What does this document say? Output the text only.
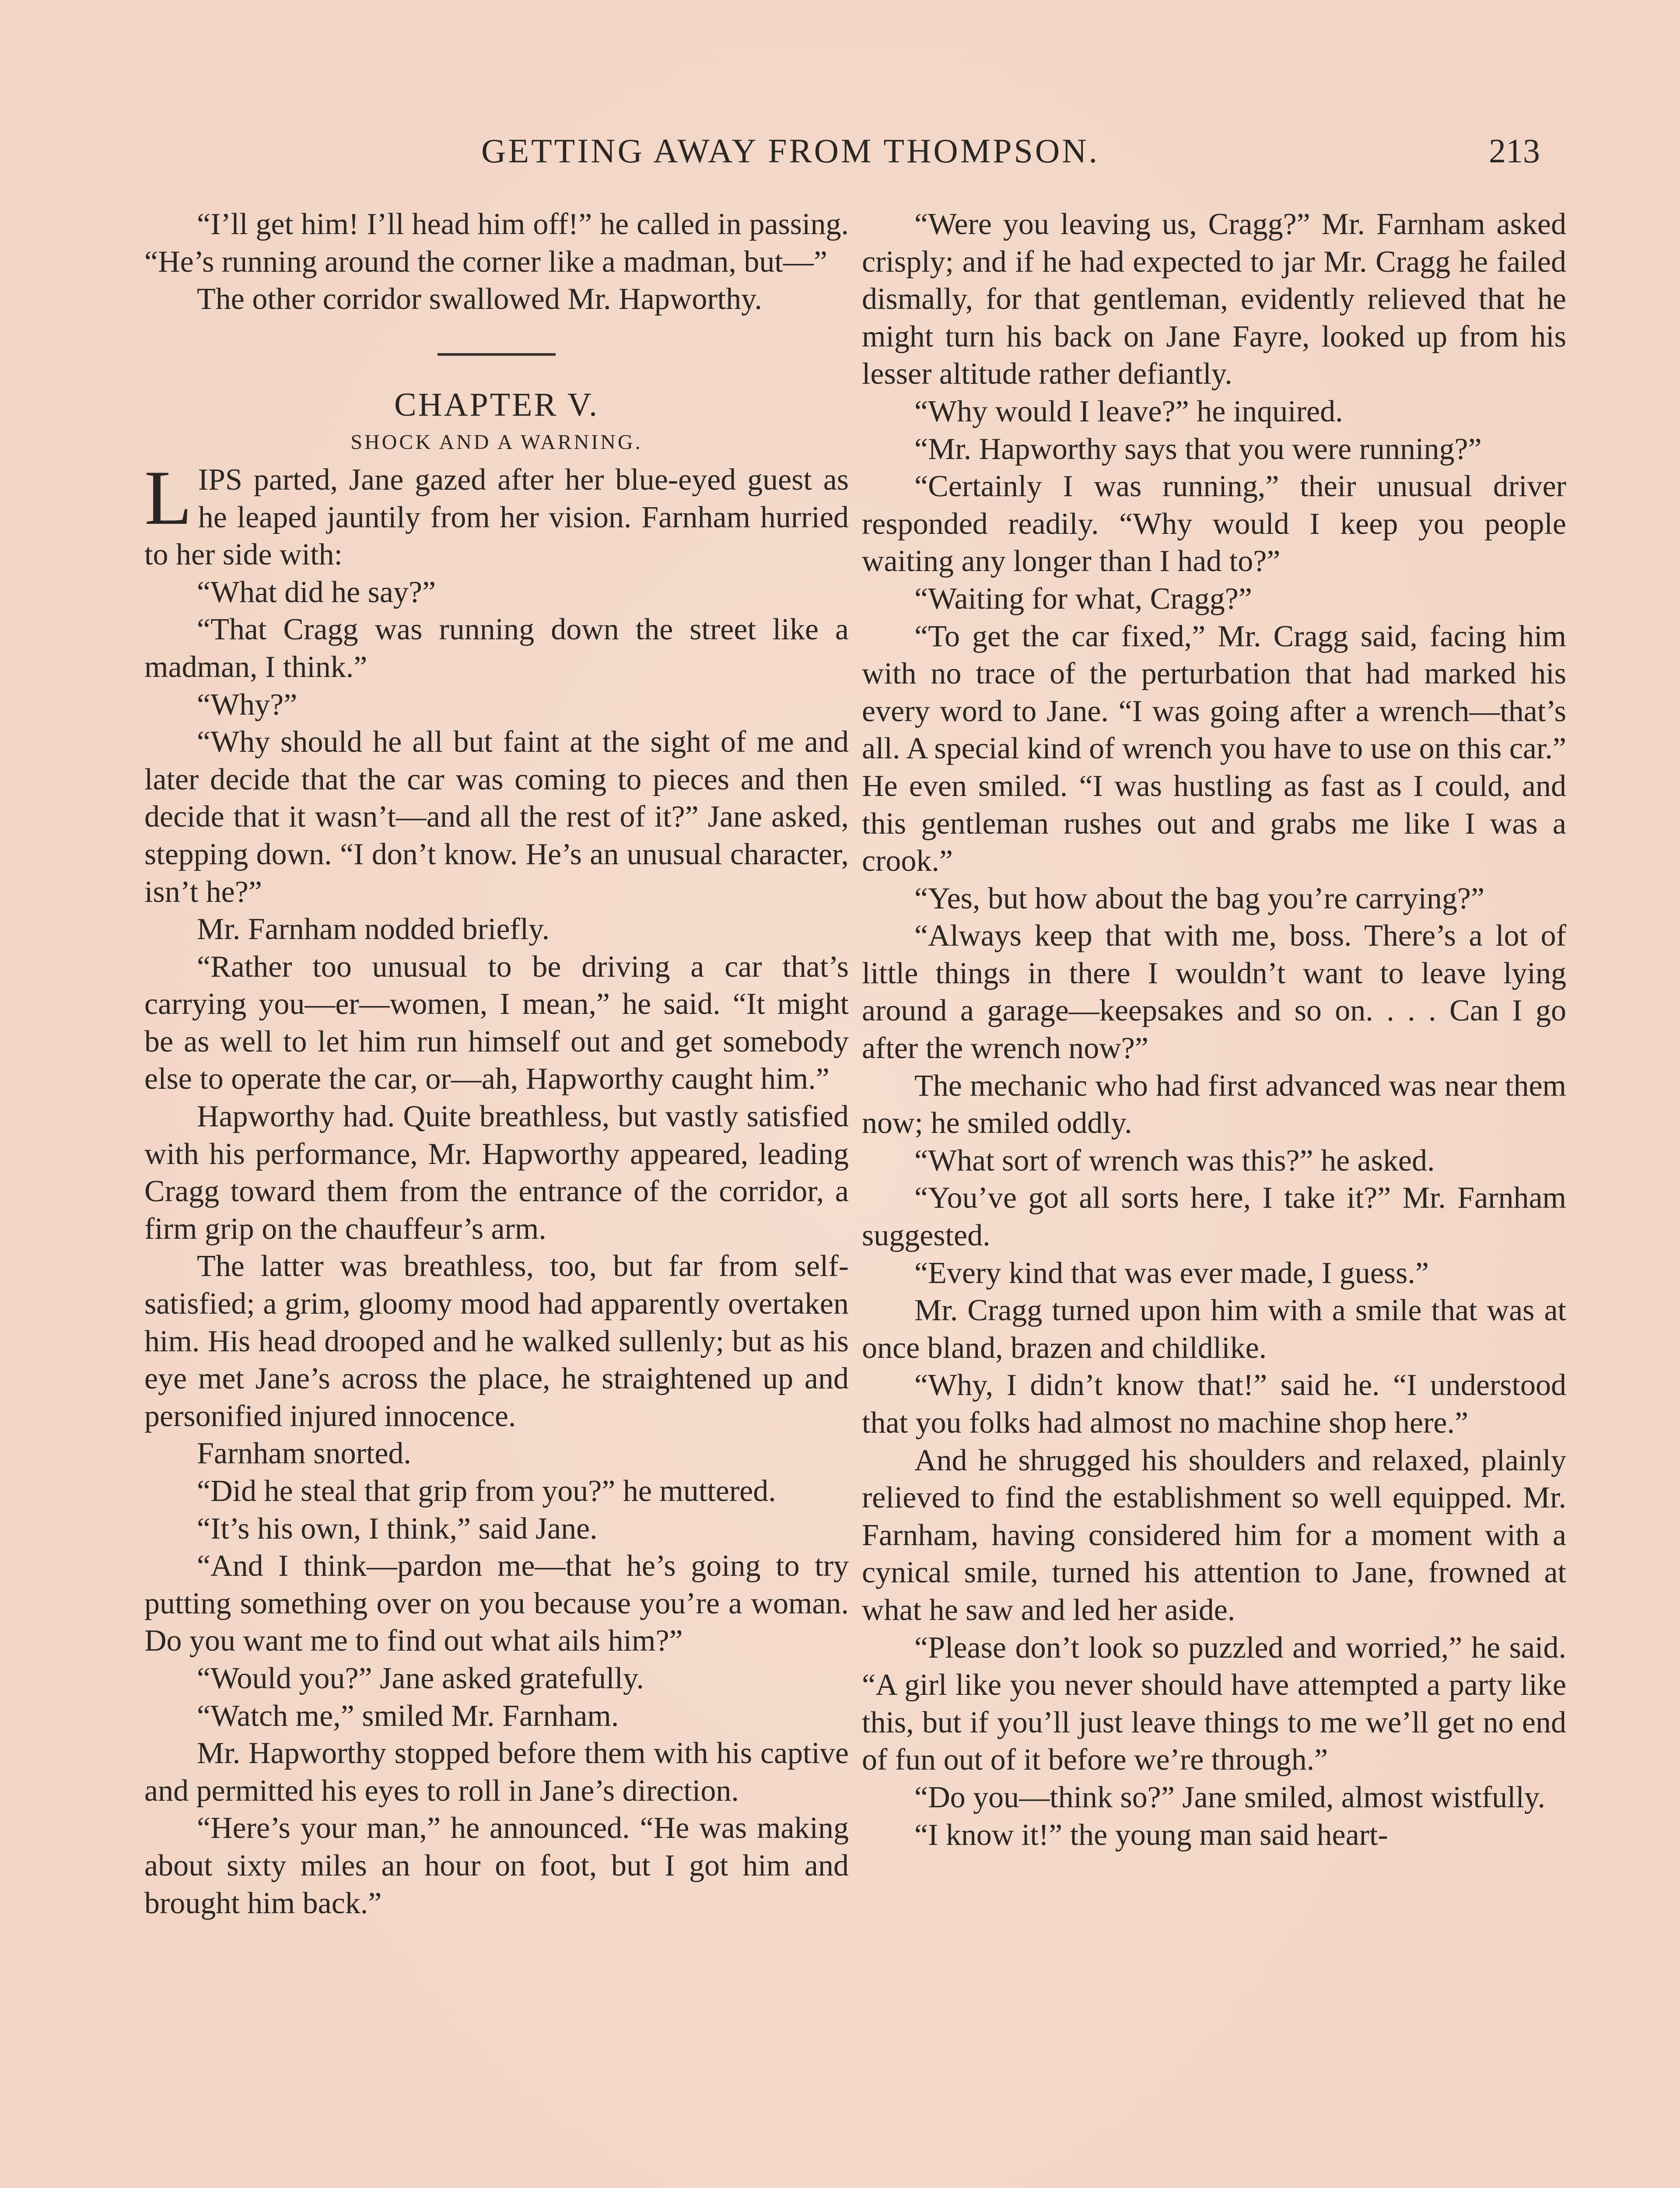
GETTING AWAY FROM THOMPSON.	213

“I’ll get him! I’ll head him off!” he called in passing. “He’s running around the corner like a madman, but—”

The other corridor swallowed Mr. Hapworthy.

CHAPTER V.

SHOCK AND A WARNING.

LIPS parted, Jane gazed after her blue-eyed guest as he leaped jauntily from her vision. Farnham hurried to her side with:

“What did he say?”

“That Cragg was running down the street like a madman, I think.”

“Why?”

“Why should he all but faint at the sight of me and later decide that the car was coming to pieces and then decide that it wasn’t—and all the rest of it?” Jane asked, stepping down. “I don’t know. He’s an unusual character, isn’t he?”

Mr. Farnham nodded briefly.

“Rather too unusual to be driving a car that’s carrying you—er—women, I mean,” he said. “It might be as well to let him run himself out and get somebody else to operate the car, or—ah, Hapworthy caught him.”

Hapworthy had. Quite breathless, but vastly satisfied with his performance, Mr. Hapworthy appeared, leading Cragg toward them from the entrance of the corridor, a firm grip on the chauffeur’s arm.

The latter was breathless, too, but far from self-satisfied; a grim, gloomy mood had apparently overtaken him. His head drooped and he walked sullenly; but as his eye met Jane’s across the place, he straightened up and personified injured innocence.

Farnham snorted.

“Did he steal that grip from you?” he muttered.

“It’s his own, I think,” said Jane.

“And I think—pardon me—that he’s going to try putting something over on you because you’re a woman. Do you want me to find out what ails him?”

“Would you?” Jane asked gratefully.

“Watch me,” smiled Mr. Farnham.

Mr. Hapworthy stopped before them with his captive and permitted his eyes to roll in Jane’s direction.

“Here’s your man,” he announced. “He was making about sixty miles an hour on foot, but I got him and brought him back.”

“Were you leaving us, Cragg?” Mr. Farnham asked crisply; and if he had expected to jar Mr. Cragg he failed dismally, for that gentleman, evidently relieved that he might turn his back on Jane Fayre, looked up from his lesser altitude rather defiantly.

“Why would I leave?” he inquired.

“Mr. Hapworthy says that you were running?”

“Certainly I was running,” their unusual driver responded readily. “Why would I keep you people waiting any longer than I had to?”

“Waiting for what, Cragg?”

“To get the car fixed,” Mr. Cragg said, facing him with no trace of the perturbation that had marked his every word to Jane. “I was going after a wrench—that’s all. A special kind of wrench you have to use on this car.” He even smiled. “I was hustling as fast as I could, and this gentleman rushes out and grabs me like I was a crook.”

“Yes, but how about the bag you’re carrying?”

“Always keep that with me, boss. There’s a lot of little things in there I wouldn’t want to leave lying around a garage—keepsakes and so on. . . . Can I go after the wrench now?”

The mechanic who had first advanced was near them now; he smiled oddly.

“What sort of wrench was this?” he asked.

“You’ve got all sorts here, I take it?” Mr. Farnham suggested.

“Every kind that was ever made, I guess.”

Mr. Cragg turned upon him with a smile that was at once bland, brazen and childlike.

“Why, I didn’t know that!” said he. “I understood that you folks had almost no machine shop here.”

And he shrugged his shoulders and relaxed, plainly relieved to find the establishment so well equipped. Mr. Farnham, having considered him for a moment with a cynical smile, turned his attention to Jane, frowned at what he saw and led her aside.

“Please don’t look so puzzled and worried,” he said. “A girl like you never should have attempted a party like this, but if you’ll just leave things to me we’ll get no end of fun out of it before we’re through.”

“Do you—think so?” Jane smiled, almost wistfully.

“I know it!” the young man said heart-
